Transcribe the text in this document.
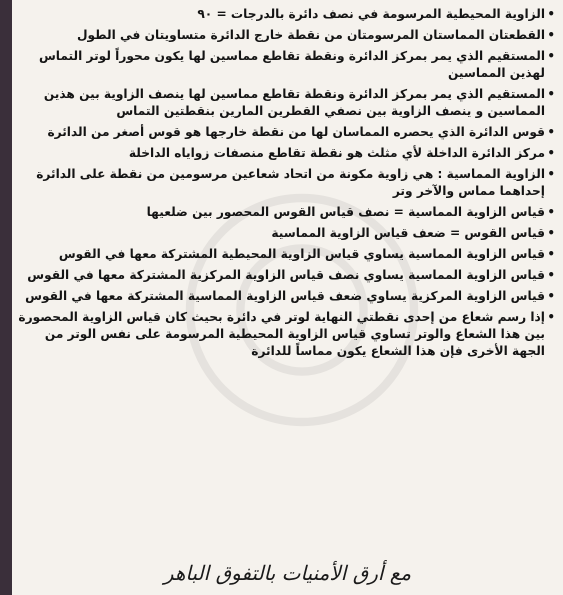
• الزاوية المحيطية المرسومة في نصف دائرة بالدرجات = ٩٠
• القطعتان المماستان المرسومتان من نقطة خارج الدائرة متساويتان في الطول
• المستقيم الذي يمر بمركز الدائرة ونقطة تقاطع مماسين لها يكون محوراً لوتر التماس لهذين المماسين
• المستقيم الذي يمر بمركز الدائرة ونقطة تقاطع مماسين لها ينصف الزاوية بين هذين المماسين و ينصف الزاوية بين نصفي القطرين المارين بنقطتين التماس
• قوس الدائرة الذي يحصره المماسان لها من نقطة خارجها هو قوس أصغر من الدائرة
• مركز الدائرة الداخلة لأي مثلث هو نقطة تقاطع منصفات زواياه الداخلة
• الزاوية المماسية : هي زاوية مكونة من اتحاد شعاعين مرسومين من نقطة على الدائرة إحداهما مماس والآخر وتر
• قياس الزاوية المماسية = نصف قياس القوس المحصور بين ضلعيها
• قياس القوس = ضعف قياس الزاوية المماسية
• قياس الزاوية المماسية يساوي قياس الزاوية المحيطية المشتركة معها في القوس
• قياس الزاوية المماسية يساوي نصف قياس الزاوية المركزية المشتركة معها في القوس
• قياس الزاوية المركزية يساوي ضعف قياس الزاوية المماسية المشتركة معها في القوس
• إذا رسم شعاع من إحدى نقطتي النهاية لوتر في دائرة بحيث كان قياس الزاوية المحصورة بين هذا الشعاع والوتر تساوي قياس الزاوية المحيطية المرسومة على نفس الوتر من الجهة الأخرى فإن هذا الشعاع يكون مماساً للدائرة
مع أرق الأمنيات بالتفوق الباهر
